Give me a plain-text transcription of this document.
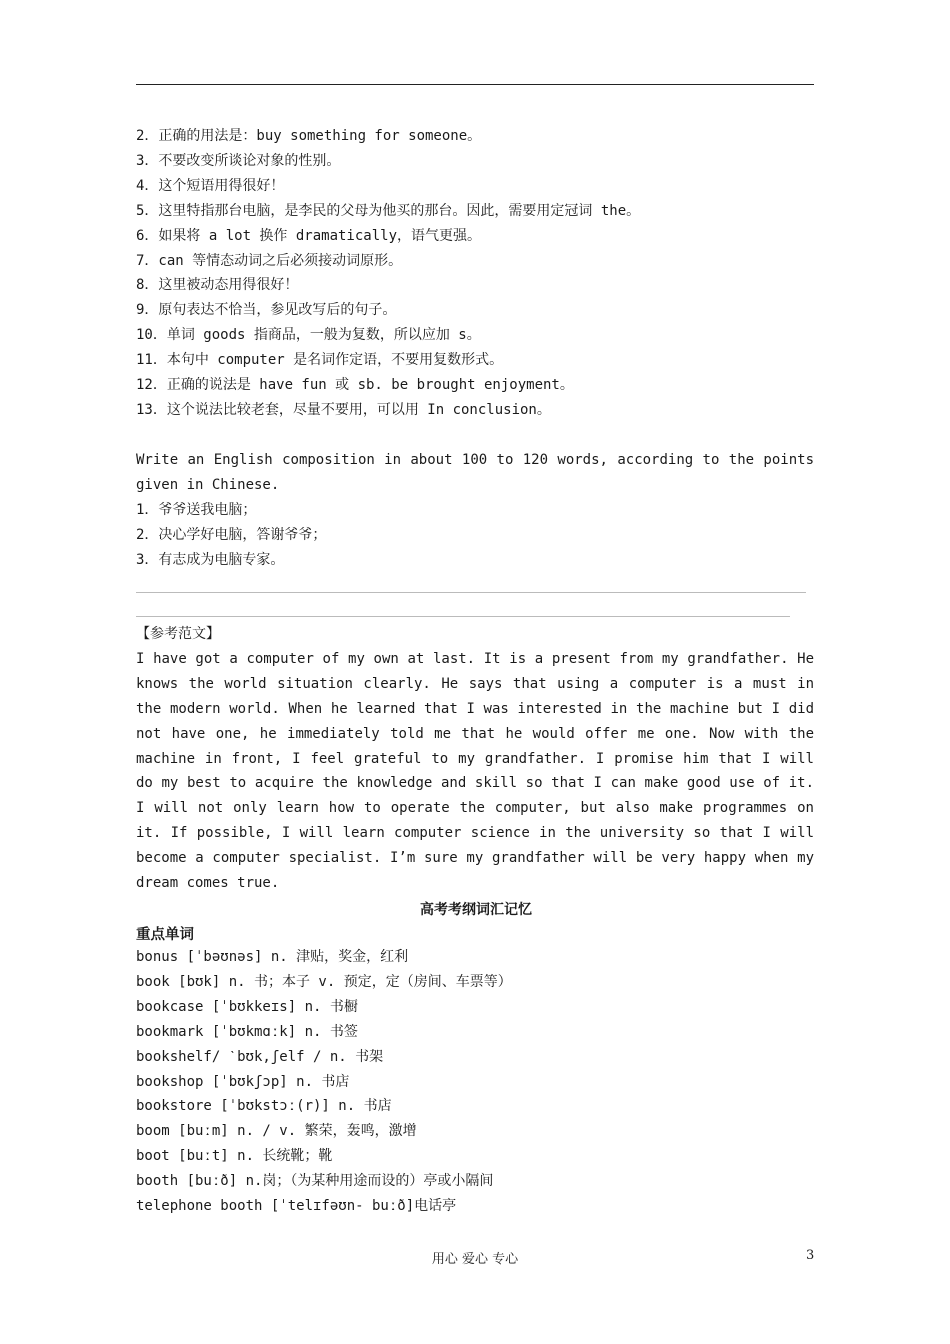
2．正确的用法是：buy something for someone。
3．不要改变所谈论对象的性别。
4．这个短语用得很好！
5．这里特指那台电脑，是李民的父母为他买的那台。因此，需要用定冠词 the。
6．如果将 a lot 换作 dramatically，语气更强。
7．can 等情态动词之后必须接动词原形。
8．这里被动态用得很好！
9．原句表达不恰当，参见改写后的句子。
10．单词 goods 指商品，一般为复数，所以应加 s。
11．本句中 computer 是名词作定语，不要用复数形式。
12．正确的说法是 have fun 或 sb. be brought enjoyment。
13．这个说法比较老套，尽量不要用，可以用 In conclusion。
Write an English composition in about 100 to 120 words, according to the points given in Chinese.
1．爷爷送我电脑；
2．决心学好电脑，答谢爷爷；
3．有志成为电脑专家。
【参考范文】
I have got a computer of my own at last. It is a present from my grandfather. He knows the world situation clearly. He says that using a computer is a must in the modern world. When he learned that I was interested in the machine but I did not have one, he immediately told me that he would offer me one. Now with the machine in front, I feel grateful to my grandfather. I promise him that I will do my best to acquire the knowledge and skill so that I can make good use of it. I will not only learn how to operate the computer, but also make programmes on it. If possible, I will learn computer science in the university so that I will become a computer specialist. I’m sure my grandfather will be very happy when my dream comes true.
高考考纲词汇记忆
重点单词
bonus [ˈbəʊnəs] n. 津贴，奖金，红利
book [bʊk] n. 书；本子 v. 预定，定（房间、车票等）
bookcase [ˈbʊkkeɪs] n. 书橱
bookmark [ˈbʊkmɑːk] n. 书签
bookshelf/ ˋbʊk,ʃelf / n. 书架
bookshop [ˈbʊkʃɔp] n. 书店
bookstore [ˈbʊkstɔː(r)] n. 书店
boom [buːm] n. / v. 繁荣，轰鸣，激增
boot [buːt] n. 长统靴；靴
booth [buːð] n.岗；（为某种用途而设的）亭或小隔间
telephone booth [ˈtelɪfəʊn- buːð]电话亭
用心 爱心 专心	3
